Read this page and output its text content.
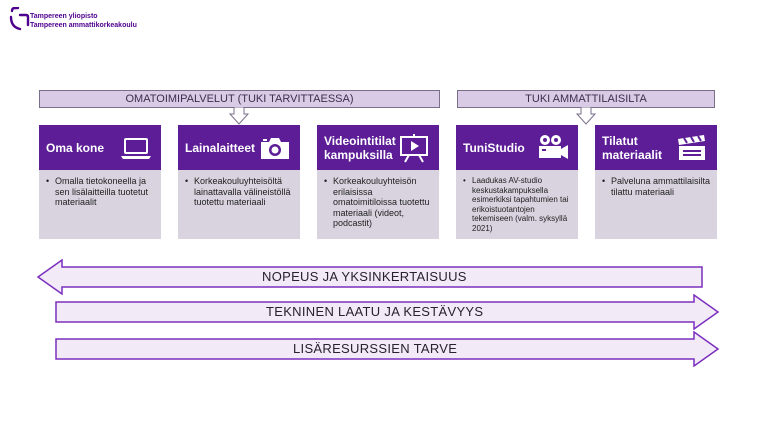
Tampereen yliopisto
Tampereen ammattikorkeakoulu
OMATOIMIPALVELUT (TUKI TARVITTAESSA)	TUKI AMMATTILAISILTA
Oma kone
• Omalla tietokoneella ja sen lisälaitteilla tuotetut materiaalit
Lainalaitteet
• Korkeakouluyhteisöltä lainattavalla välineistöllä tuotettu materiaali
Videointitilat kampuksilla
• Korkeakouluyhteisön erilaisissa omatoimitiloissa tuotettu materiaali (videot, podcastit)
TuniStudio
• Laadukas AV-studio keskustakampuksella esimerkiksi tapahtumien tai erikoistuotantojen tekemiseen (valm. syksyllä 2021)
Tilatut materiaalit
• Palveluna ammattilaisilta tilattu materiaali
NOPEUS JA YKSINKERTAISUUS
TEKNINEN LAATU JA KESTÄVYYS
LISÄRESURSSIEN TARVE
